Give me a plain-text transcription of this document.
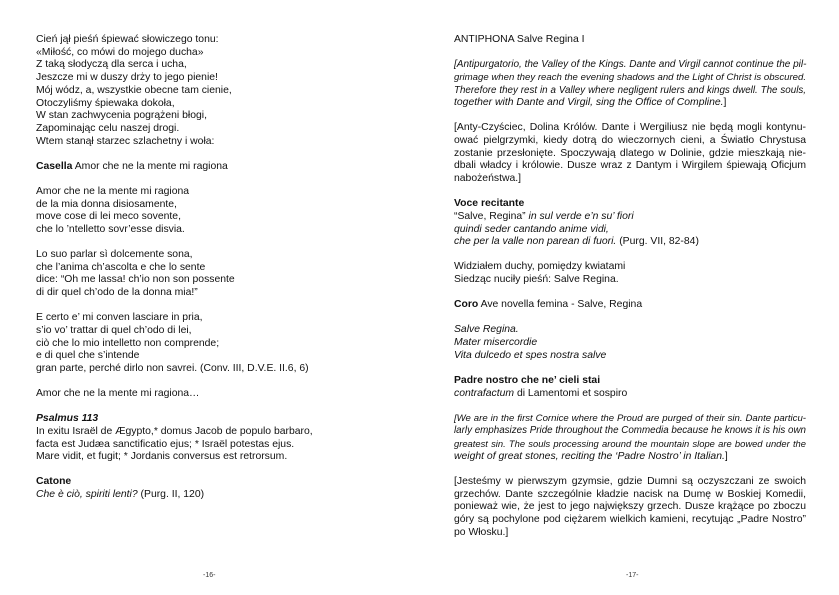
Cień jął pieśń śpiewać słowiczego tonu:
«Miłość, co mówi do mojego ducha»
Z taką słodyczą dla serca i ucha,
Jeszcze mi w duszy drży to jego pienie!
Mój wódz, a, wszystkie obecne tam cienie,
Otoczyliśmy śpiewaka dokoła,
W stan zachwycenia pogrążeni błogi,
Zapominając celu naszej drogi.
Wtem stanął starzec szlachetny i woła:
Casella Amor che ne la mente mi ragiona
Amor che ne la mente mi ragiona
de la mia donna disiosamente,
move cose di lei meco sovente,
che lo ’ntelletto sovr’esse disvia.
Lo suo parlar sì dolcemente sona,
che l’anima ch’ascolta e che lo sente
dice: “Oh me lassa! ch’io non son possente
di dir quel ch’odo de la donna mia!”
E certo e’ mi conven lasciare in pria,
s’io vo’ trattar di quel ch’odo di lei,
ciò che lo mio intelletto non comprende;
e di quel che s’intende
gran parte, perché dirlo non savrei. (Conv. III, D.V.E. II.6, 6)
Amor che ne la mente mi ragiona…
Psalmus 113
In exitu Israël de Ægypto,* domus Jacob de populo barbaro,
facta est Judæa sanctificatio ejus; * Israël potestas ejus.
Mare vidit, et fugit; * Jordanis conversus est retrorsum.
Catone
Che è ciò, spiriti lenti? (Purg. II, 120)
-16-
ANTIPHONA Salve Regina I
[Antipurgatorio, the Valley of the Kings. Dante and Virgil cannot continue the pil-
grimage when they reach the evening shadows and the Light of Christ is obscured.
Therefore they rest in a Valley where negligent rulers and kings dwell. The souls,
together with Dante and Virgil, sing the Office of Compline.]
[Anty-Czyściec, Dolina Królów. Dante i Wergiliusz nie będą mogli kontynu-
ować pielgrzymki, kiedy dotrą do wieczornych cieni, a Światło Chrystusa
zostanie przesłonięte. Spoczywają dlatego w Dolinie, gdzie mieszkają nie-
dbali władcy i królowie. Dusze wraz z Dantym i Wirgilem śpiewają Oficjum
nabożeństwa.]
Voce recitante
“Salve, Regina” in sul verde e’n su’ fiori
quindi seder cantando anime vidi,
che per la valle non parean di fuori. (Purg. VII, 82-84)
Widziałem duchy, pomiędzy kwiatami
Siedząc nuciły pieśń: Salve Regina.
Coro Ave novella femina - Salve, Regina
Salve Regina.
Mater misercordie
Vita dulcedo et spes nostra salve
Padre nostro che ne’ cieli stai
contrafactum di Lamentomi et sospiro
[We are in the first Cornice where the Proud are purged of their sin. Dante particu-
larly emphasizes Pride throughout the Commedia because he knows it is his own
greatest sin. The souls processing around the mountain slope are bowed under the
weight of great stones, reciting the ‘Padre Nostro’ in Italian.]
[Jesteśmy w pierwszym gzymsie, gdzie Dumni są oczyszczani ze swoich
grzechów. Dante szczególnie kładzie nacisk na Dumę w Boskiej Komedii,
ponieważ wie, że jest to jego największy grzech. Dusze krążące po zboczu
góry są pochylone pod ciężarem wielkich kamieni, recytując „Padre Nostro”
po Włosku.]
-17-
